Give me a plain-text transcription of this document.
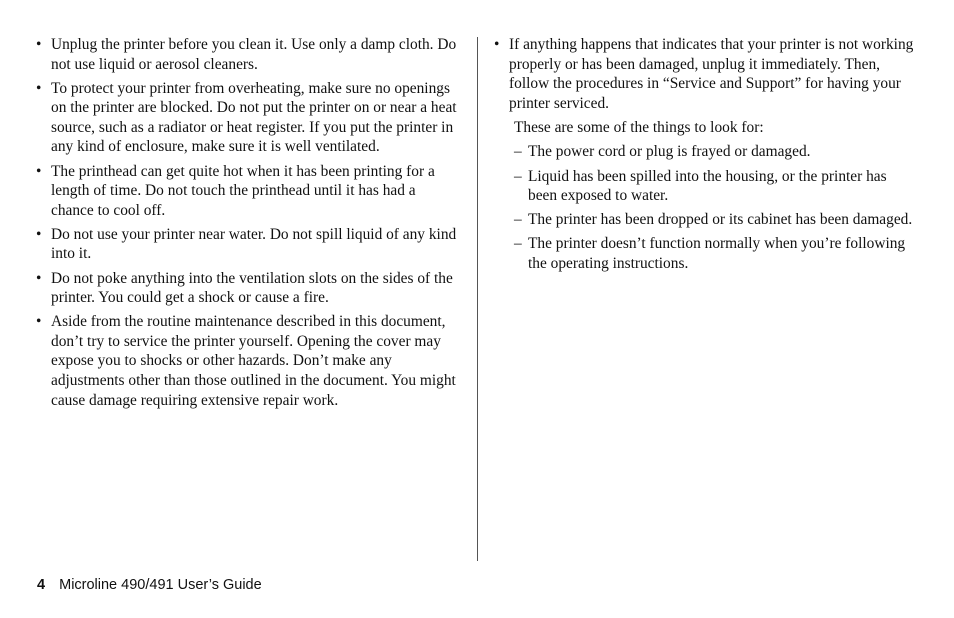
• Unplug the printer before you clean it. Use only a damp cloth. Do not use liquid or aerosol cleaners.
• To protect your printer from overheating, make sure no openings on the printer are blocked. Do not put the printer on or near a heat source, such as a radiator or heat register. If you put the printer in any kind of enclosure, make sure it is well ventilated.
• The printhead can get quite hot when it has been printing for a length of time. Do not touch the printhead until it has had a chance to cool off.
• Do not use your printer near water. Do not spill liquid of any kind into it.
• Do not poke anything into the ventilation slots on the sides of the printer. You could get a shock or cause a fire.
• Aside from the routine maintenance described in this document, don’t try to service the printer yourself. Opening the cover may expose you to shocks or other hazards. Don’t make any adjustments other than those outlined in the document. You might cause damage requiring extensive repair work.
• If anything happens that indicates that your printer is not working properly or has been damaged, unplug it immediately. Then, follow the procedures in “Service and Support” for having your printer serviced.
These are some of the things to look for:
– The power cord or plug is frayed or damaged.
– Liquid has been spilled into the housing, or the printer has been exposed to water.
– The printer has been dropped or its cabinet has been damaged.
– The printer doesn’t function normally when you’re following the operating instructions.
4 Microline 490/491 User’s Guide
